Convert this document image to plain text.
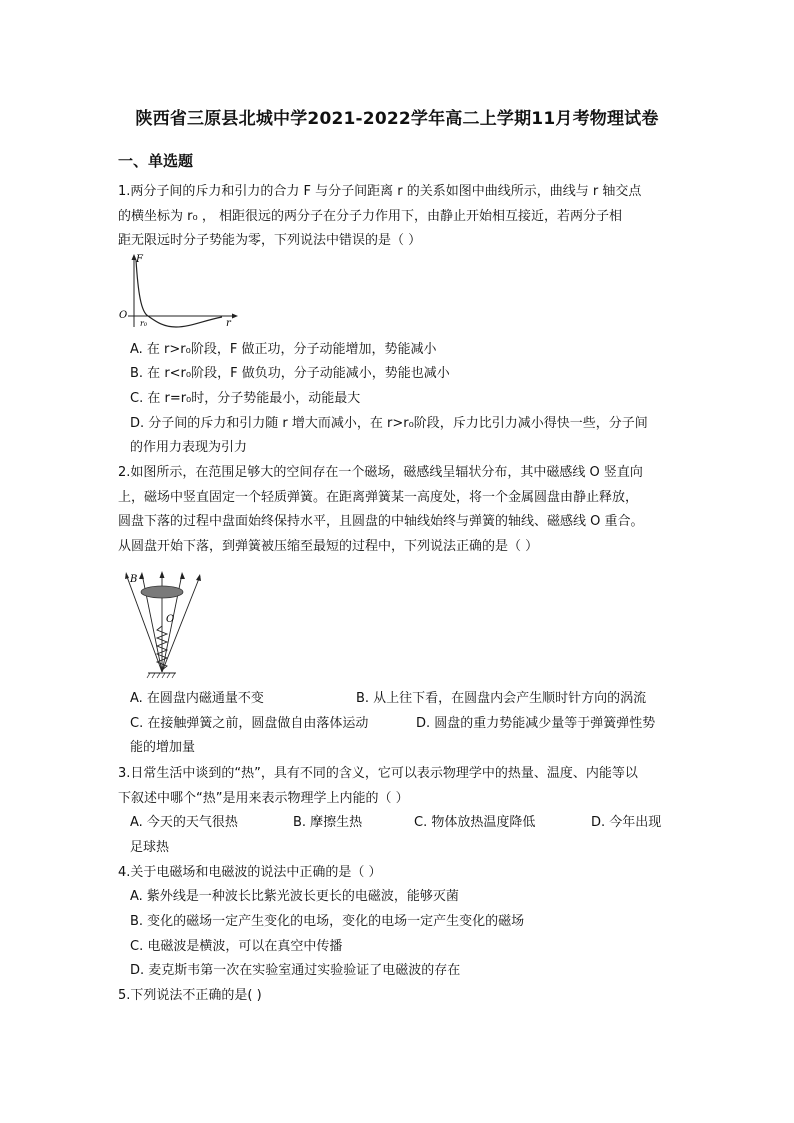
陕西省三原县北城中学2021-2022学年高二上学期11月考物理试卷
一、单选题
1.两分子间的斥力和引力的合力 F 与分子间距离 r 的关系如图中曲线所示，曲线与 r 轴交点
的横坐标为 r₀ ， 相距很远的两分子在分子力作用下，由静止开始相互接近，若两分子相
距无限远时分子势能为零，下列说法中错误的是（ ）
F
O
r₀	r
A. 在 r>r₀阶段，F 做正功，分子动能增加，势能减小
B. 在 r<r₀阶段，F 做负功，分子动能减小，势能也减小
C. 在 r=r₀时，分子势能最小，动能最大
D. 分子间的斥力和引力随 r 增大而减小，在 r>r₀阶段，斥力比引力减小得快一些，分子间
的作用力表现为引力
2.如图所示，在范围足够大的空间存在一个磁场，磁感线呈辐状分布，其中磁感线 O 竖直向
上，磁场中竖直固定一个轻质弹簧。在距离弹簧某一高度处，将一个金属圆盘由静止释放，
圆盘下落的过程中盘面始终保持水平，且圆盘的中轴线始终与弹簧的轴线、磁感线 O 重合。
从圆盘开始下落，到弹簧被压缩至最短的过程中，下列说法正确的是（ ）
B
O
A. 在圆盘内磁通量不变	B. 从上往下看，在圆盘内会产生顺时针方向的涡流
C. 在接触弹簧之前，圆盘做自由落体运动	D. 圆盘的重力势能减少量等于弹簧弹性势
能的增加量
3.日常生活中谈到的“热”，具有不同的含义，它可以表示物理学中的热量、温度、内能等以
下叙述中哪个“热”是用来表示物理学上内能的（ ）
A. 今天的天气很热	B. 摩擦生热	C. 物体放热温度降低	D. 今年出现
足球热
4.关于电磁场和电磁波的说法中正确的是（ ）
A. 紫外线是一种波长比紫光波长更长的电磁波，能够灭菌
B. 变化的磁场一定产生变化的电场，变化的电场一定产生变化的磁场
C. 电磁波是横波，可以在真空中传播
D. 麦克斯韦第一次在实验室通过实验验证了电磁波的存在
5.下列说法不正确的是( )
